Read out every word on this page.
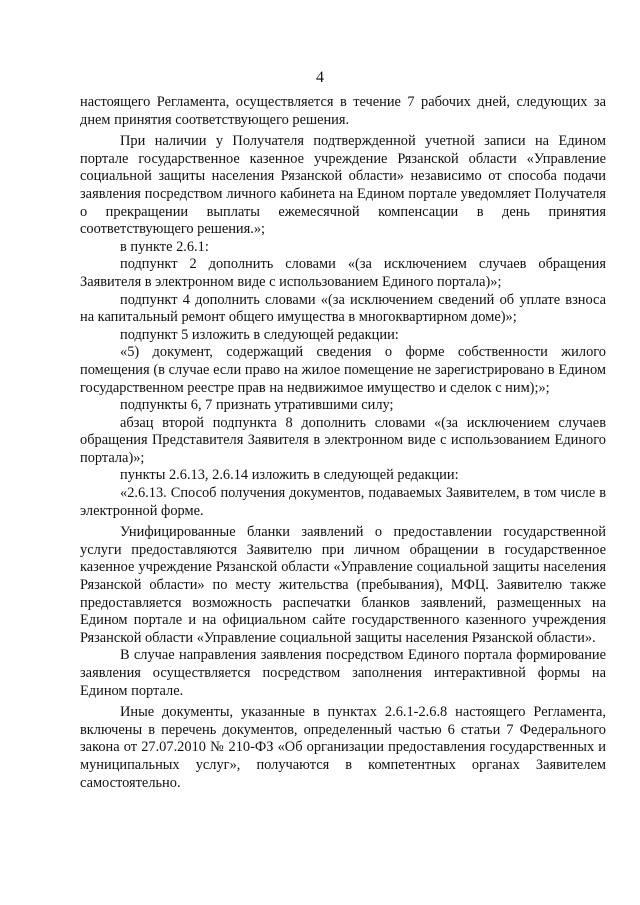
4

настоящего Регламента, осуществляется в течение 7 рабочих дней, следующих за днем принятия соответствующего решения.

При наличии у Получателя подтвержденной учетной записи на Едином портале государственное казенное учреждение Рязанской области «Управление социальной защиты населения Рязанской области» независимо от способа подачи заявления посредством личного кабинета на Едином портале уведомляет Получателя о прекращении выплаты ежемесячной компенсации в день принятия соответствующего решения.»;

в пункте 2.6.1:

подпункт 2 дополнить словами «(за исключением случаев обращения Заявителя в электронном виде с использованием Единого портала)»;

подпункт 4 дополнить словами «(за исключением сведений об уплате взноса на капитальный ремонт общего имущества в многоквартирном доме)»;

подпункт 5 изложить в следующей редакции:

«5) документ, содержащий сведения о форме собственности жилого помещения (в случае если право на жилое помещение не зарегистрировано в Едином государственном реестре прав на недвижимое имущество и сделок с ним);»;

подпункты 6, 7 признать утратившими силу;

абзац второй подпункта 8 дополнить словами «(за исключением случаев обращения Представителя Заявителя в электронном виде с использованием Единого портала)»;

пункты 2.6.13, 2.6.14 изложить в следующей редакции:

«2.6.13. Способ получения документов, подаваемых Заявителем, в том числе в электронной форме.

Унифицированные бланки заявлений о предоставлении государственной услуги предоставляются Заявителю при личном обращении в государственное казенное учреждение Рязанской области «Управление социальной защиты населения Рязанской области» по месту жительства (пребывания), МФЦ. Заявителю также предоставляется возможность распечатки бланков заявлений, размещенных на Едином портале и на официальном сайте государственного казенного учреждения Рязанской области «Управление социальной защиты населения Рязанской области».

В случае направления заявления посредством Единого портала формирование заявления осуществляется посредством заполнения интерактивной формы на Едином портале.

Иные документы, указанные в пунктах 2.6.1-2.6.8 настоящего Регламента, включены в перечень документов, определенный частью 6 статьи 7 Федерального закона от 27.07.2010 № 210-ФЗ «Об организации предоставления государственных и муниципальных услуг», получаются в компетентных органах Заявителем самостоятельно.
